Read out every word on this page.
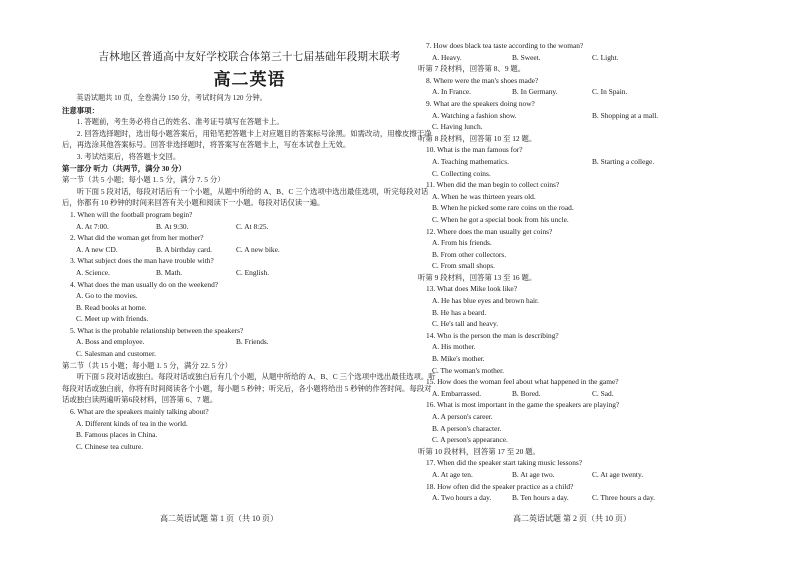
吉林地区普通高中友好学校联合体第三十七届基础年段期末联考
高二英语
英语试题共 10 页，全卷满分 150 分，考试时间为 120 分钟。
注意事项：
1. 答题前，考生务必将自己的姓名、准考证号填写在答题卡上。
2. 回答选择题时，选出每小题答案后，用铅笔把答题卡上对应题目的答案标号涂黑。如需改动，用橡皮擦干净后，再选涂其他答案标号。回答非选择题时，将答案写在答题卡上，写在本试卷上无效。
3. 考试结束后，将答题卡交回。
第一部分 听力（共两节，满分 30 分）
第一节（共 5 小题；每小题 1. 5 分，满分 7. 5 分）
听下面 5 段对话，每段对话后有一个小题，从题中所给的 A、B、C 三个选项中选出最佳选项，听完每段对话后，你都有 10 秒钟的时间来回答有关小题和阅读下一小题。每段对话仅读一遍。
1. When will the football program begin?
A. At 7:00.	B. At 9:30.	C. At 8:25.
2. What did the woman get from her mother?
A. A new CD.	B. A birthday card.	C. A new bike.
3. What subject does the man have trouble with?
A. Science.	B. Math.	C. English.
4. What does the man usually do on the weekend?
A. Go to the movies.
B. Read books at home.
C. Meet up with friends.
5. What is the probable relationship between the speakers?
A. Boss and employee.	B. Friends.
C. Salesman and customer.
第二节（共 15 小题；每小题 1. 5 分，满分 22. 5 分）
听下面 5 段对话或独白。每段对话或独白后有几个小题，从题中所给的 A、B、C 三个选项中选出最佳选项。听每段对话或独白前，你将有时间阅读各个小题，每小题 5 秒钟；听完后，各小题将给出 5 秒钟的作答时间。每段对话或独白读两遍听第6段材料，回答第 6、7 题。
6. What are the speakers mainly talking about?
A. Different kinds of tea in the world.
B. Famous places in China.
C. Chinese tea culture.
7. How does black tea taste according to the woman?
A. Heavy.	B. Sweet.	C. Light.
听第 7 段材料，回答第 8、9 题。
8. Where were the man's shoes made?
A. In France.	B. In Germany.	C. In Spain.
9. What are the speakers doing now?
A. Watching a fashion show.	B. Shopping at a mall.
C. Having lunch.
听第 8 段材料，回答第 10 至 12 题。
10. What is the man famous for?
A. Teaching mathematics.	B. Starting a college.
C. Collecting coins.
11. When did the man begin to collect coins?
A. When he was thirteen years old.
B. When he picked some rare coins on the road.
C. When he got a special book from his uncle.
12. Where does the man usually get coins?
A. From his friends.
B. From other collectors.
C. From small shops.
听第 9 段材料，回答第 13 至 16 题。
13. What does Mike look like?
A. He has blue eyes and brown hair.
B. He has a beard.
C. He's tall and heavy.
14. Who is the person the man is describing?
A. His mother.
B. Mike's mother.
C. The woman's mother.
15. How does the woman feel about what happened in the game?
A. Embarrassed.	B. Bored.	C. Sad.
16. What is most important in the game the speakers are playing?
A. A person's career.
B. A person's character.
C. A person's appearance.
听第 10 段材料，回答第 17 至 20 题。
17. When did the speaker start taking music lessons?
A. At age ten.	B. At age two.	C. At age twenty.
18. How often did the speaker practice as a child?
A. Two hours a day.	B. Ten hours a day.	C. Three hours a day.
高二英语试题 第 1 页（共 10 页）	高二英语试题 第 2 页（共 10 页）
